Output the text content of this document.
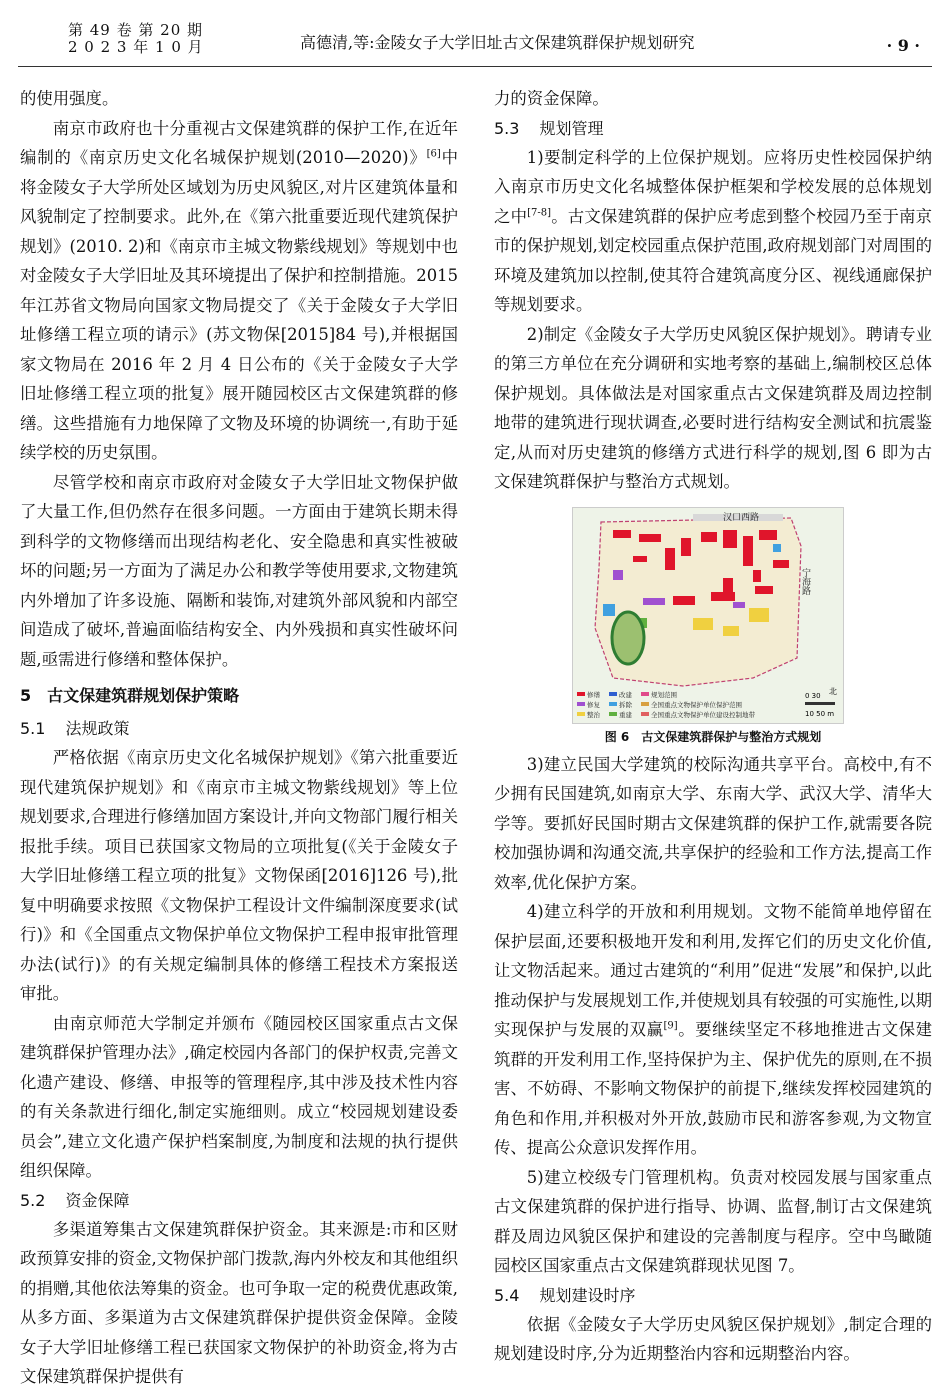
第 49 卷 第 20 期
2 0 2 3 年 1 0 月	高德清,等:金陵女子大学旧址古文保建筑群保护规划研究	· 9 ·

的使用强度。

南京市政府也十分重视古文保建筑群的保护工作,在近年编制的《南京历史文化名城保护规划(2010—2020)》[6]中将金陵女子大学所处区域划为历史风貌区,对片区建筑体量和风貌制定了控制要求。此外,在《第六批重要近现代建筑保护规划》(2010. 2)和《南京市主城文物紫线规划》等规划中也对金陵女子大学旧址及其环境提出了保护和控制措施。2015 年江苏省文物局向国家文物局提交了《关于金陵女子大学旧址修缮工程立项的请示》(苏文物保[2015]84 号),并根据国家文物局在 2016 年 2 月 4 日公布的《关于金陵女子大学旧址修缮工程立项的批复》展开随园校区古文保建筑群的修缮。这些措施有力地保障了文物及环境的协调统一,有助于延续学校的历史氛围。

尽管学校和南京市政府对金陵女子大学旧址文物保护做了大量工作,但仍然存在很多问题。一方面由于建筑长期未得到科学的文物修缮而出现结构老化、安全隐患和真实性被破坏的问题;另一方面为了满足办公和教学等使用要求,文物建筑内外增加了许多设施、隔断和装饰,对建筑外部风貌和内部空间造成了破坏,普遍面临结构安全、内外残损和真实性破坏问题,亟需进行修缮和整体保护。

5　古文保建筑群规划保护策略
5.1 法规政策

严格依据《南京历史文化名城保护规划》《第六批重要近现代建筑保护规划》和《南京市主城文物紫线规划》等上位规划要求,合理进行修缮加固方案设计,并向文物部门履行相关报批手续。项目已获国家文物局的立项批复(《关于金陵女子大学旧址修缮工程立项的批复》文物保函[2016]126 号),批复中明确要求按照《文物保护工程设计文件编制深度要求(试行)》和《全国重点文物保护单位文物保护工程申报审批管理办法(试行)》的有关规定编制具体的修缮工程技术方案报送审批。

由南京师范大学制定并颁布《随园校区国家重点古文保建筑群保护管理办法》,确定校园内各部门的保护权责,完善文化遗产建设、修缮、申报等的管理程序,其中涉及技术性内容的有关条款进行细化,制定实施细则。成立“校园规划建设委员会”,建立文化遗产保护档案制度,为制度和法规的执行提供组织保障。

5.2 资金保障

多渠道筹集古文保建筑群保护资金。其来源是:市和区财政预算安排的资金,文物保护部门拨款,海内外校友和其他组织的捐赠,其他依法筹集的资金。也可争取一定的税费优惠政策,从多方面、多渠道为古文保建筑群保护提供资金保障。金陵女子大学旧址修缮工程已获国家文物保护的补助资金,将为古文保建筑群保护提供有

力的资金保障。

5.3 规划管理

1)要制定科学的上位保护规划。应将历史性校园保护纳入南京市历史文化名城整体保护框架和学校发展的总体规划之中[7-8]。古文保建筑群的保护应考虑到整个校园乃至于南京市的保护规划,划定校园重点保护范围,政府规划部门对周围的环境及建筑加以控制,使其符合建筑高度分区、视线通廊保护等规划要求。

2)制定《金陵女子大学历史风貌区保护规划》。聘请专业的第三方单位在充分调研和实地考察的基础上,编制校区总体保护规划。具体做法是对国家重点古文保建筑群及周边控制地带的建筑进行现状调查,必要时进行结构安全测试和抗震鉴定,从而对历史建筑的修缮方式进行科学的规划,图 6 即为古文保建筑群保护与整治方式规划。

汉口西路
宁海路
修缮	改建	规划范围
修复	拆除	全国重点文物保护单位保护范围
整治	重建	全国重点文物保护单位建设控制地带
0 30 北
10 50 m
图 6　古文保建筑群保护与整治方式规划

3)建立民国大学建筑的校际沟通共享平台。高校中,有不少拥有民国建筑,如南京大学、东南大学、武汉大学、清华大学等。要抓好民国时期古文保建筑群的保护工作,就需要各院校加强协调和沟通交流,共享保护的经验和工作方法,提高工作效率,优化保护方案。

4)建立科学的开放和利用规划。文物不能简单地停留在保护层面,还要积极地开发和利用,发挥它们的历史文化价值,让文物活起来。通过古建筑的“利用”促进“发展”和保护,以此推动保护与发展规划工作,并使规划具有较强的可实施性,以期实现保护与发展的双赢[9]。要继续坚定不移地推进古文保建筑群的开发利用工作,坚持保护为主、保护优先的原则,在不损害、不妨碍、不影响文物保护的前提下,继续发挥校园建筑的角色和作用,并积极对外开放,鼓励市民和游客参观,为文物宣传、提高公众意识发挥作用。

5)建立校级专门管理机构。负责对校园发展与国家重点古文保建筑群的保护进行指导、协调、监督,制订古文保建筑群及周边风貌区保护和建设的完善制度与程序。空中鸟瞰随园校区国家重点古文保建筑群现状见图 7。

5.4 规划建设时序

依据《金陵女子大学历史风貌区保护规划》,制定合理的规划建设时序,分为近期整治内容和远期整治内容。
